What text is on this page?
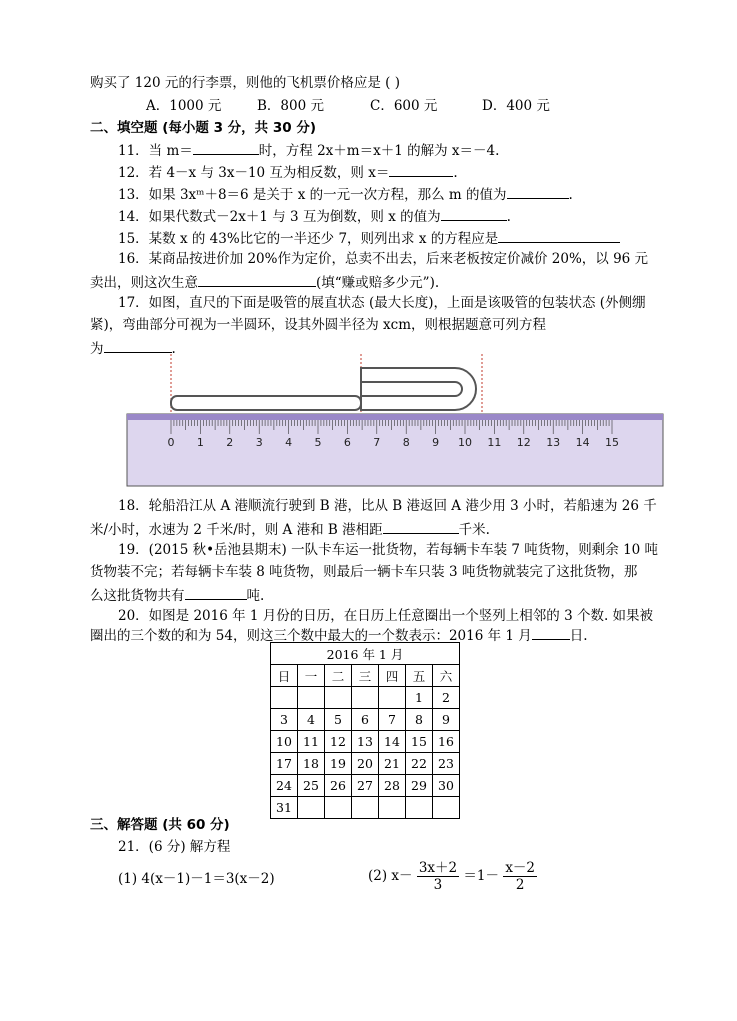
购买了 120 元的行李票，则他的飞机票价格应是 ( )
A．1000 元	B．800 元	C．600 元	D．400 元
二、填空题 (每小题 3 分，共 30 分)
11．当 m＝	时，方程 2x＋m＝x＋1 的解为 x＝－4.
12．若 4－x 与 3x－10 互为相反数，则 x＝	.
13．如果 3xᵐ＋8＝6 是关于 x 的一元一次方程，那么 m 的值为	.
14．如果代数式－2x＋1 与 3 互为倒数，则 x 的值为	.
15．某数 x 的 43%比它的一半还少 7，则列出求 x 的方程应是
16．某商品按进价加 20%作为定价，总卖不出去，后来老板按定价减价 20%，以 96 元
卖出，则这次生意	(填“赚或赔多少元”).
17．如图，直尺的下面是吸管的展直状态 (最大长度)，上面是该吸管的包装状态 (外侧绷
紧)，弯曲部分可视为一半圆环，设其外圆半径为 xcm，则根据题意可列方程
为	.
0 1 2 3 4 5 6 7 8 9 10 11 12 13 14 15
18．轮船沿江从 A 港顺流行驶到 B 港，比从 B 港返回 A 港少用 3 小时，若船速为 26 千
米/小时，水速为 2 千米/时，则 A 港和 B 港相距	千米.
19．(2015 秋•岳池县期末) 一队卡车运一批货物，若每辆卡车装 7 吨货物，则剩余 10 吨
货物装不完；若每辆卡车装 8 吨货物，则最后一辆卡车只装 3 吨货物就装完了这批货物，那
么这批货物共有	吨.
20．如图是 2016 年 1 月份的日历，在日历上任意圈出一个竖列上相邻的 3 个数. 如果被
圈出的三个数的和为 54，则这三个数中最大的一个数表示：2016 年 1 月	日.
2016 年 1 月						
日	一	二	三	四	五	六
					1	2
3	4	5	6	7	8	9
10	11	12	13	14	15	16
17	18	19	20	21	22	23
24	25	26	27	28	29	30
31						
三、解答题 (共 60 分)
21．(6 分) 解方程
(1) 4(x－1)－1＝3(x－2)	(2) $x- \frac{3x+2}{3} =1- \frac{x-2}{2}$
